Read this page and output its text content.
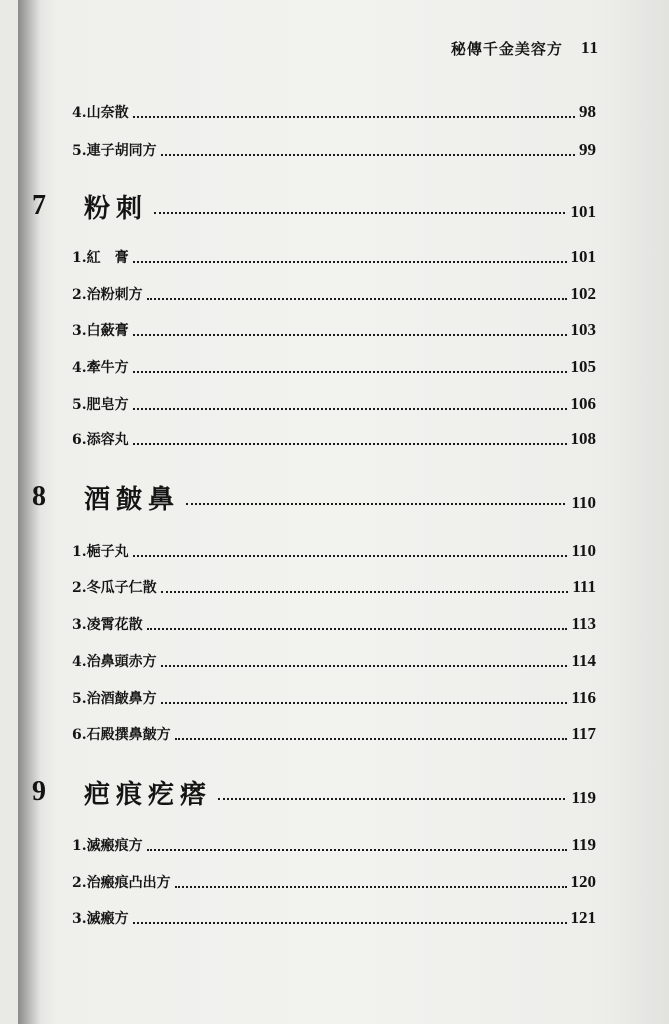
秘傳千金美容方 11
4.山奈散	98
5.連子胡同方	99
7	粉刺	101
1.紅　膏	101
2.治粉刺方	102
3.白蘞膏	103
4.牽牛方	105
5.肥皂方	106
6.添容丸	108
8	酒皶鼻	110
1.梔子丸	110
2.冬瓜子仁散	111
3.凌霄花散	113
4.治鼻頭赤方	114
5.治酒皶鼻方	116
6.石殿撰鼻皶方	117
9	疤痕疙瘩	119
1.滅瘢痕方	119
2.治瘢痕凸出方	120
3.滅瘢方	121
